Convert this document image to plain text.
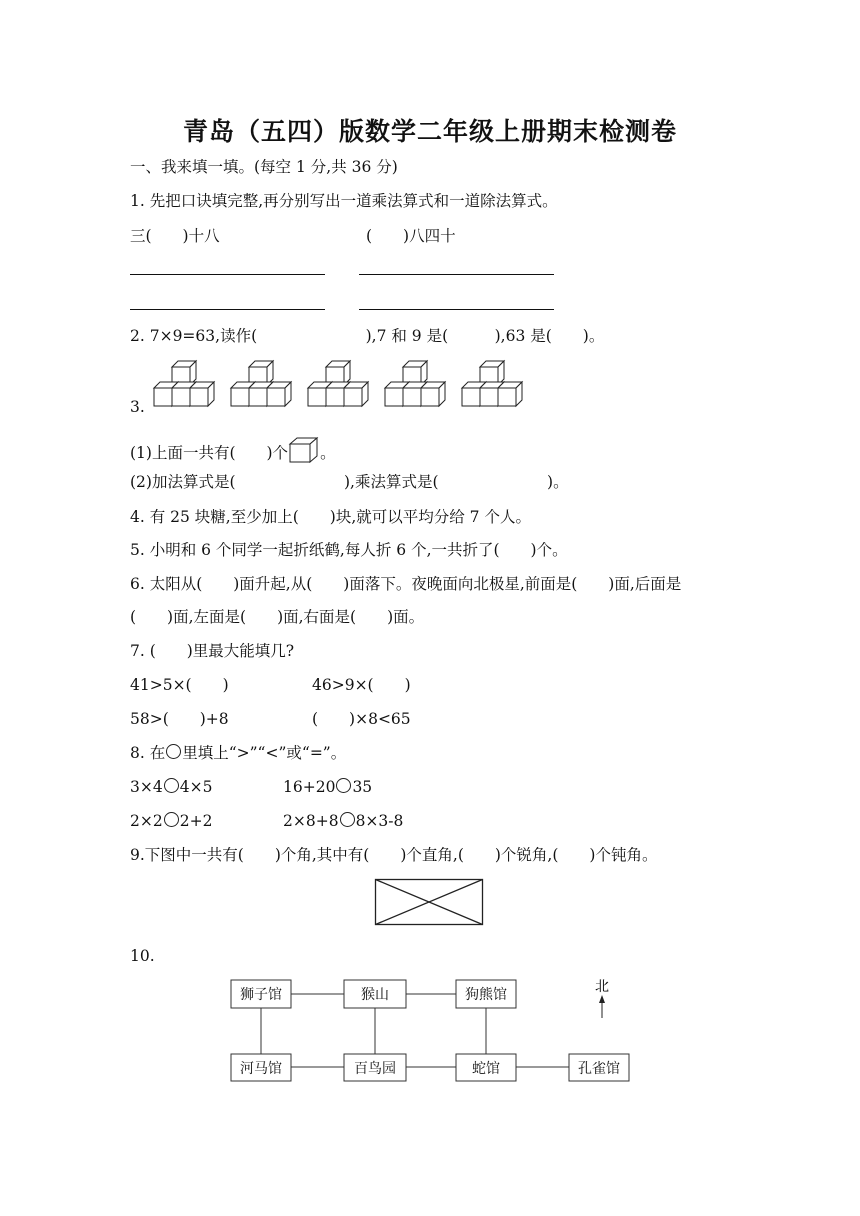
青岛（五四）版数学二年级上册期末检测卷
一、我来填一填。(每空 1 分,共 36 分)
1. 先把口诀填完整,再分别写出一道乘法算式和一道除法算式。
三(　　)十八	(　　)八四十
2. 7×9=63,读作(　　　　　　　),7 和 9 是(　　　),63 是(　　)。
3.
(1)上面一共有(　　)个 。
(2)加法算式是(　　　　　　　),乘法算式是(　　　　　　　)。
4. 有 25 块糖,至少加上(　　)块,就可以平均分给 7 个人。
5. 小明和 6 个同学一起折纸鹤,每人折 6 个,一共折了(　　)个。
6. 太阳从(　　)面升起,从(　　)面落下。夜晚面向北极星,前面是(　　)面,后面是
(　　)面,左面是(　　)面,右面是(　　)面。
7. (　　)里最大能填几?
41>5×(　　)	46>9×(　　)
58>(　　)+8	(　　)×8<65
8. 在 里填上“>”“<”或“=”。
3×4 4×5	16+20 35
2×2 2+2	2×8+8 8×3-8
9.下图中一共有(　　)个角,其中有(　　)个直角,(　　)个锐角,(　　)个钝角。
10.
狮子馆	猴山	狗熊馆
河马馆	百鸟园	蛇馆	孔雀馆
北
